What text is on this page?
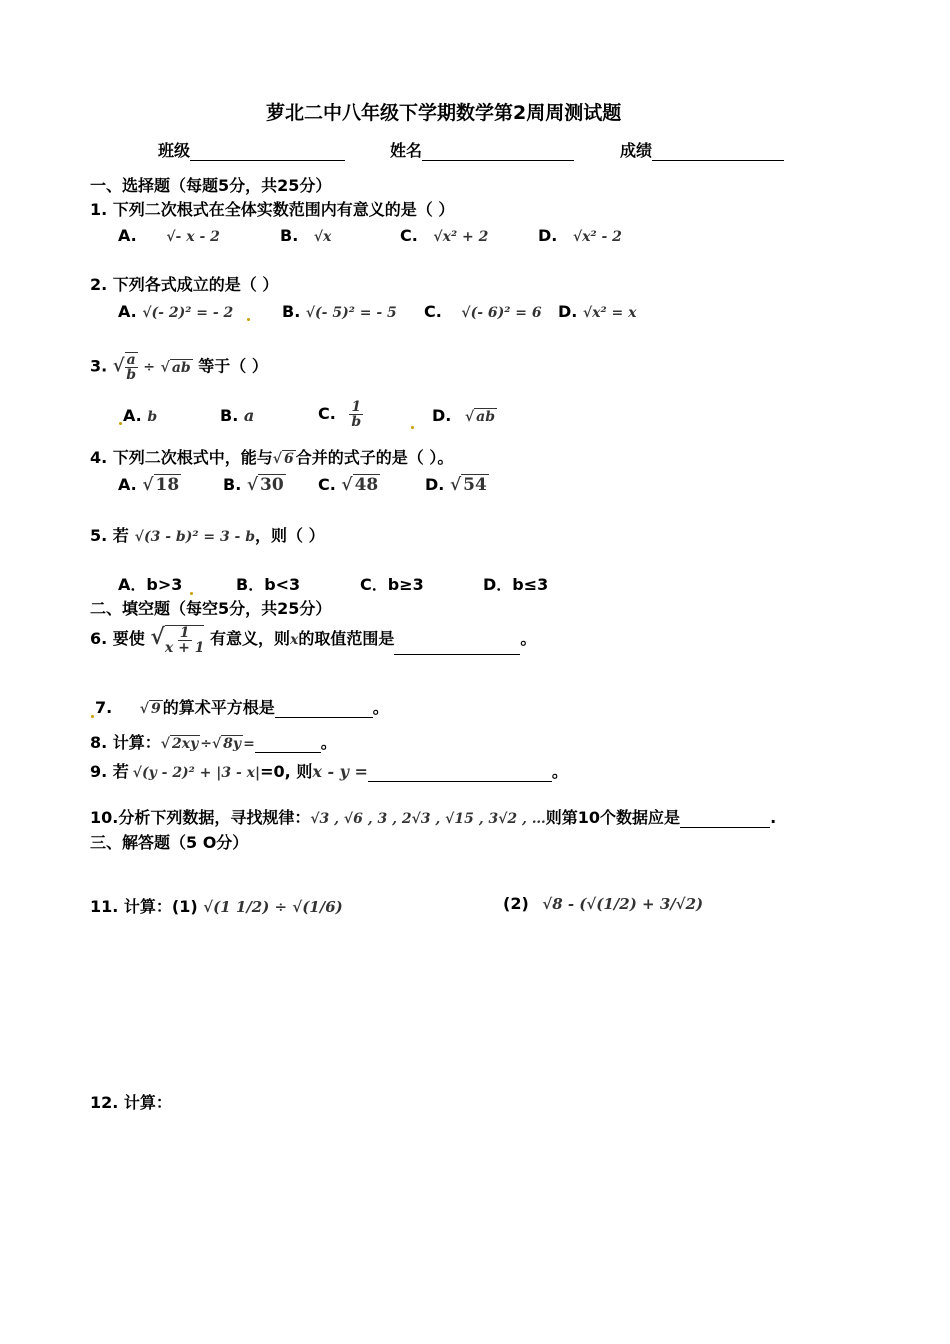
萝北二中八年级下学期数学第2周周测试题
班级	姓名	成绩
一、选择题（每题5分，共25分）
1. 下列二次根式在全体实数范围内有意义的是（ ）
A. √- x - 2	B. √x	C. √x² + 2	D. √x² - 2
2. 下列各式成立的是（ ）
A. √(- 2)² = - 2	B. √(- 5)² = - 5 C. √(- 6)² = 6 D. √x² = x
3. √ $\frac{a}{b}$ ÷ √ ab 等于（ ）
A. b	B. a	C. $\frac{1}{b}$	D. √ ab
4. 下列二次根式中，能与√ 6 合并的式子的是（ ）。
A. √ 18	B. √ 30 C. √ 48	D. √ 54
5. 若 √(3 - b)² = 3 - b，则（ ）
A．b>3	B．b<3	C．b≥3	D．b≤3
二、填空题（每空5分，共25分）
6. 要使 √ $\frac{1}{x + 1}$ 有意义，则x的取值范围是	。
7. √ 9 的算术平方根是	。
8. 计算：√ 2xy ÷√ 8y =	。
9. 若 √(y - 2)² + |3 - x|=0, 则x - y =	。
10.分析下列数据，寻找规律：√3 , √6 , 3 , 2√3 , √15 , 3√2 , …则第10个数据应是	.
三、解答题（5 O分）
11. 计算：(1) √(1 1/2) ÷ √(1/6)	(2) √8 - (√(1/2) + 3/√2)
12. 计算：
